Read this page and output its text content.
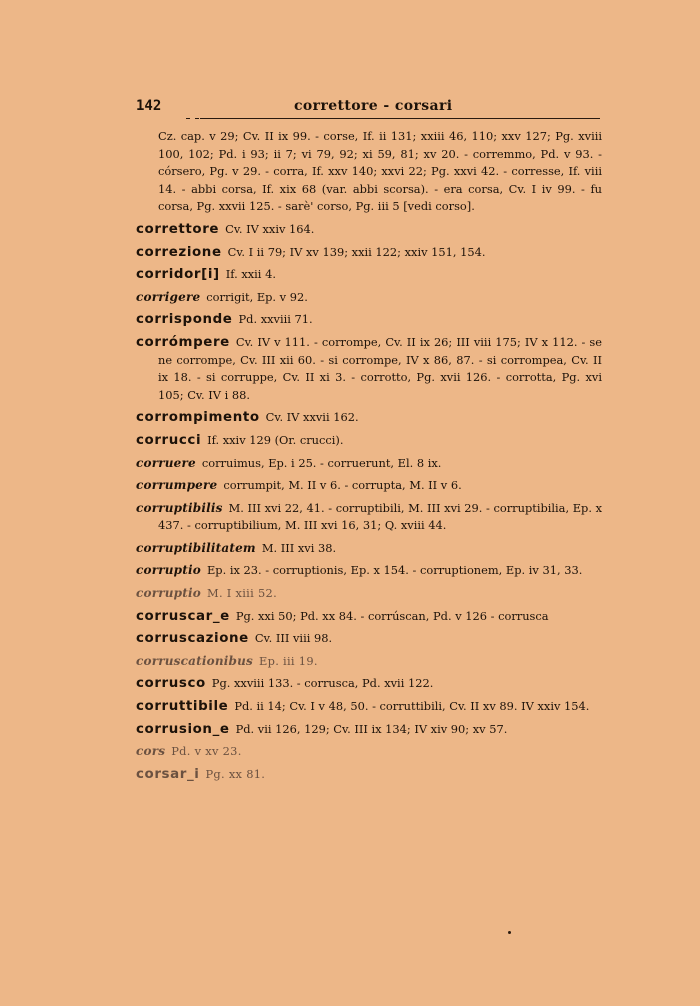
142	correttore - corsari

Cz. cap. v 29; Cv. II ix 99. - corse, If. ii 131; xxiii 46, 110; xxv 127; Pg. xviii 100, 102; Pd. i 93; ii 7; vi 79, 92; xi 59, 81; xv 20. - corremmo, Pd. v 93. - córsero, Pg. v 29. - corra, If. xxv 140; xxvi 22; Pg. xxvi 42. - corresse, If. viii 14. - abbi corsa, If. xix 68 (var. abbi scorsa). - era corsa, Cv. I iv 99. - fu corsa, Pg. xxvii 125. - sarè' corso, Pg. iii 5 [vedi corso].

correttore Cv. IV xxiv 164.

correzione Cv. I ii 79; IV xv 139; xxii 122; xxiv 151, 154.

corridor[i] If. xxii 4.

corrigere corrigit, Ep. v 92.

corrisponde Pd. xxviii 71.

corrómpere Cv. IV v 111. - corrompe, Cv. II ix 26; III viii 175; IV x 112. - se ne corrompe, Cv. III xii 60. - si corrompe, IV x 86, 87. - si corrompea, Cv. II ix 18. - si corruppe, Cv. II xi 3. - corrotto, Pg. xvii 126. - corrotta, Pg. xvi 105; Cv. IV i 88.

corrompimento Cv. IV xxvii 162.

corrucci If. xxiv 129 (Or. crucci).

corruere corruimus, Ep. i 25. - corruerunt, El. 8 ix.

corrumpere corrumpit, M. II v 6. - corrupta, M. II v 6.

corruptibilis M. III xvi 22, 41. - corruptibili, M. III xvi 29. - corruptibilia, Ep. x 437. - corruptibilium, M. III xvi 16, 31; Q. xviii 44.

corruptibilitatem M. III xvi 38.

corruptio Ep. ix 23. - corruptionis, Ep. x 154. - corruptionem, Ep. iv 31, 33.

corruptio M. I xiii 52.

corruscar_e Pg. xxi 50; Pd. xx 84. - corrúscan, Pd. v 126 - corrusca

corruscazione Cv. III viii 98.

corruscationibus Ep. iii 19.

corrusco Pg. xxviii 133. - corrusca, Pd. xvii 122.

corruttibile Pd. ii 14; Cv. I v 48, 50. - corruttibili, Cv. II xv 89. IV xxiv 154.

corrusion_e Pd. vii 126, 129; Cv. III ix 134; IV xiv 90; xv 57.

cors Pd. v xv 23.

corsar_i Pg. xx 81.
